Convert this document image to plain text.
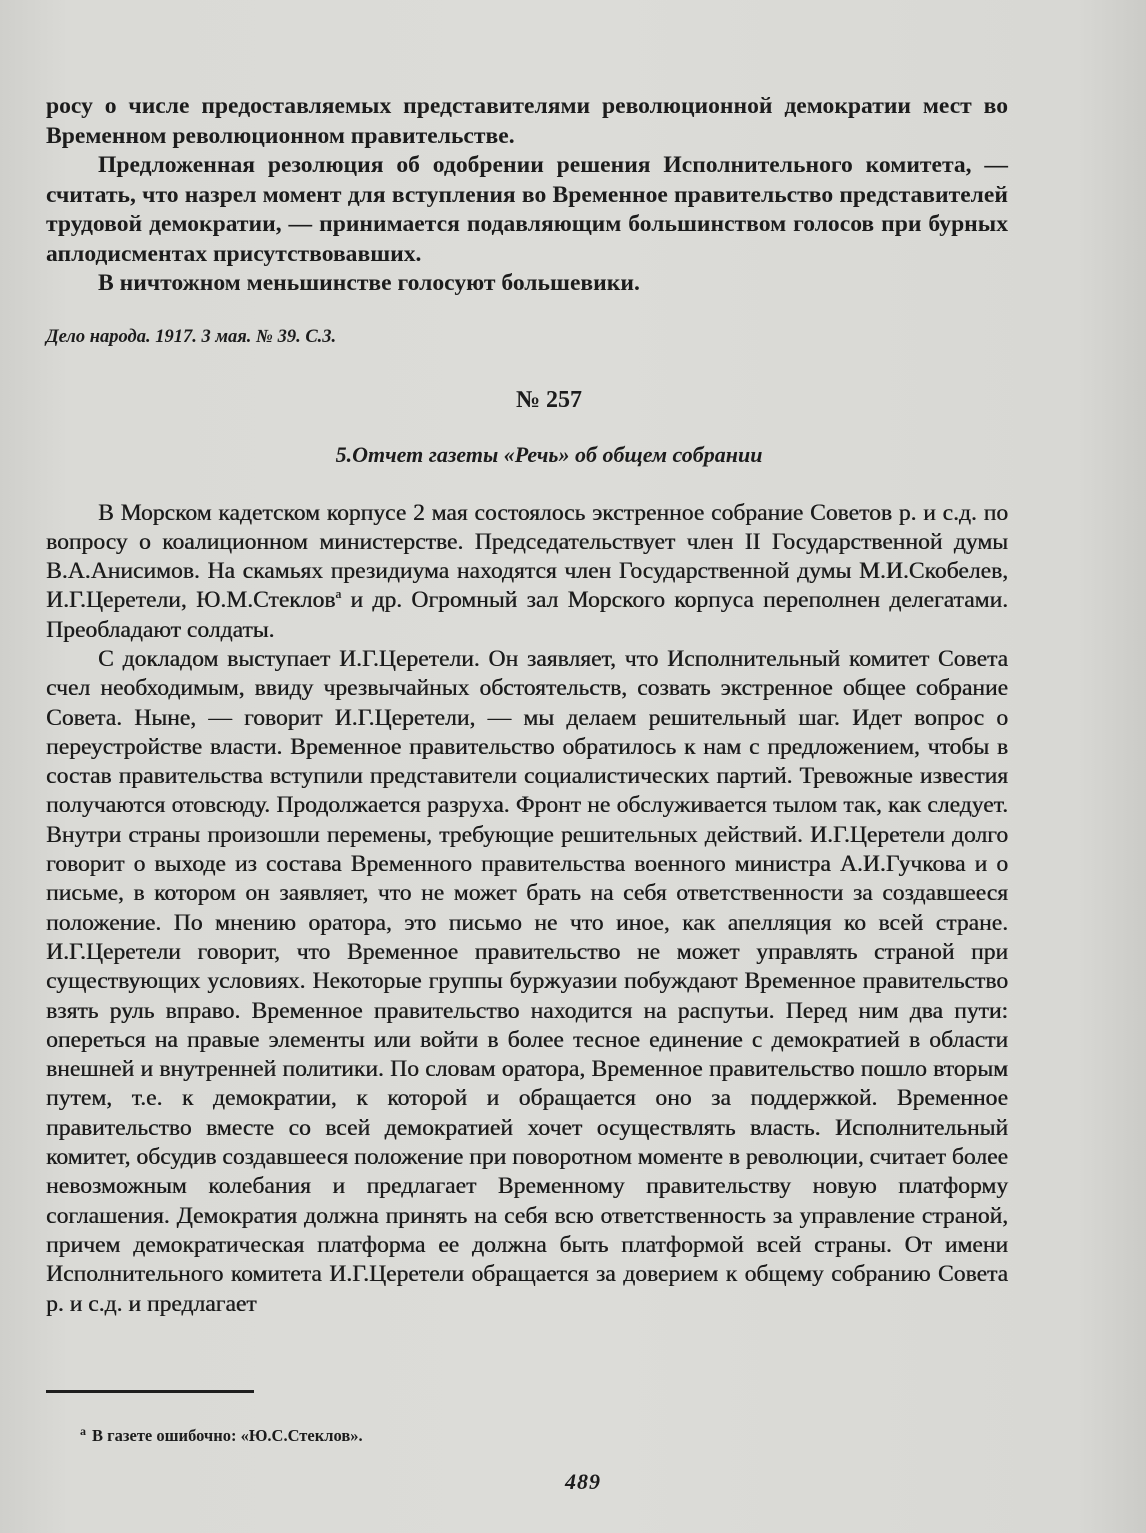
росу о числе предоставляемых представителями революционной демократии мест во Временном революционном правительстве.

Предложенная резолюция об одобрении решения Исполнительного комитета, — считать, что назрел момент для вступления во Временное правительство представителей трудовой демократии, — принимается подавляющим большинством голосов при бурных аплодисментах присутствовавших.

В ничтожном меньшинстве голосуют большевики.

Дело народа. 1917. 3 мая. № 39. С.3.
№ 257
5.Отчет газеты «Речь» об общем собрании

В Морском кадетском корпусе 2 мая состоялось экстренное собрание Советов р. и с.д. по вопросу о коалиционном министерстве. Председательствует член II Государственной думы В.А.Анисимов. На скамьях президиума находятся член Государственной думы М.И.Скобелев, И.Г.Церетели, Ю.М.Стеклов$^а$ и др. Огромный зал Морского корпуса переполнен делегатами. Преобладают солдаты.

С докладом выступает И.Г.Церетели. Он заявляет, что Исполнительный комитет Совета счел необходимым, ввиду чрезвычайных обстоятельств, созвать экстренное общее собрание Совета. Ныне, — говорит И.Г.Церетели, — мы делаем решительный шаг. Идет вопрос о переустройстве власти. Временное правительство обратилось к нам с предложением, чтобы в состав правительства вступили представители социалистических партий. Тревожные известия получаются отовсюду. Продолжается разруха. Фронт не обслуживается тылом так, как следует. Внутри страны произошли перемены, требующие решительных действий. И.Г.Церетели долго говорит о выходе из состава Временного правительства военного министра А.И.Гучкова и о письме, в котором он заявляет, что не может брать на себя ответственности за создавшееся положение. По мнению оратора, это письмо не что иное, как апелляция ко всей стране. И.Г.Церетели говорит, что Временное правительство не может управлять страной при существующих условиях. Некоторые группы буржуазии побуждают Временное правительство взять руль вправо. Временное правительство находится на распутьи. Перед ним два пути: опереться на правые элементы или войти в более тесное единение с демократией в области внешней и внутренней политики. По словам оратора, Временное правительство пошло вторым путем, т.е. к демократии, к которой и обращается оно за поддержкой. Временное правительство вместе со всей демократией хочет осуществлять власть. Исполнительный комитет, обсудив создавшееся положение при поворотном моменте в революции, считает более невозможным колебания и предлагает Временному правительству новую платформу соглашения. Демократия должна принять на себя всю ответственность за управление страной, причем демократическая платформа ее должна быть платформой всей страны. От имени Исполнительного комитета И.Г.Церетели обращается за доверием к общему собранию Совета р. и с.д. и предлагает

$^а$ В газете ошибочно: «Ю.С.Стеклов».
489
